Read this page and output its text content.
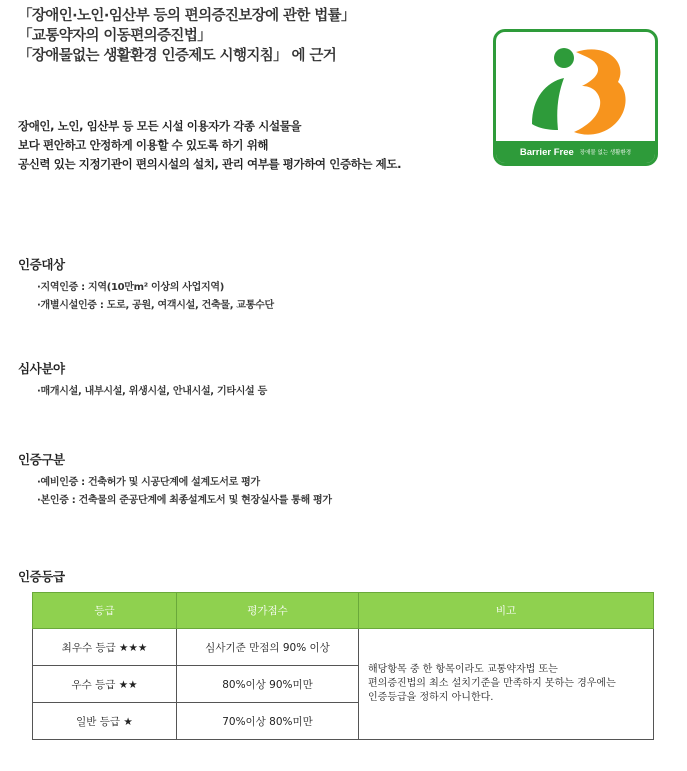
「장애인·노인·임산부 등의 편의증진보장에 관한 법률」
「교통약자의 이동편의증진법」
「장애물없는 생활환경 인증제도 시행지침」 에 근거
장애인, 노인, 임산부 등 모든 시설 이용자가 각종 시설물을
보다 편안하고 안정하게 이용할 수 있도록 하기 위해
공신력 있는 지정기관이 편의시설의 설치, 관리 여부를 평가하여 인증하는 제도.
Barrier Free 장애물 없는 생활환경
인증대상
·지역인증 : 지역(10만m² 이상의 사업지역)
·개별시설인증 : 도로, 공원, 여객시설, 건축물, 교통수단
심사분야
·매개시설, 내부시설, 위생시설, 안내시설, 기타시설 등
인증구분
·예비인증 : 건축허가 및 시공단계에 설계도서로 평가
·본인증 : 건축물의 준공단계에 최종설계도서 및 현장실사를 통해 평가
인증등급
등급	평가점수	비고
최우수 등급 ★★★	심사기준 만점의 90% 이상	해당항목 중 한 항목이라도 교통약자법 또는
편의증진법의 최소 설치기준을 만족하지 못하는 경우에는
인증등급을 정하지 아니한다.

우수 등급 ★★	80%이상 90%미만	
일반 등급 ★	70%이상 80%미만	
